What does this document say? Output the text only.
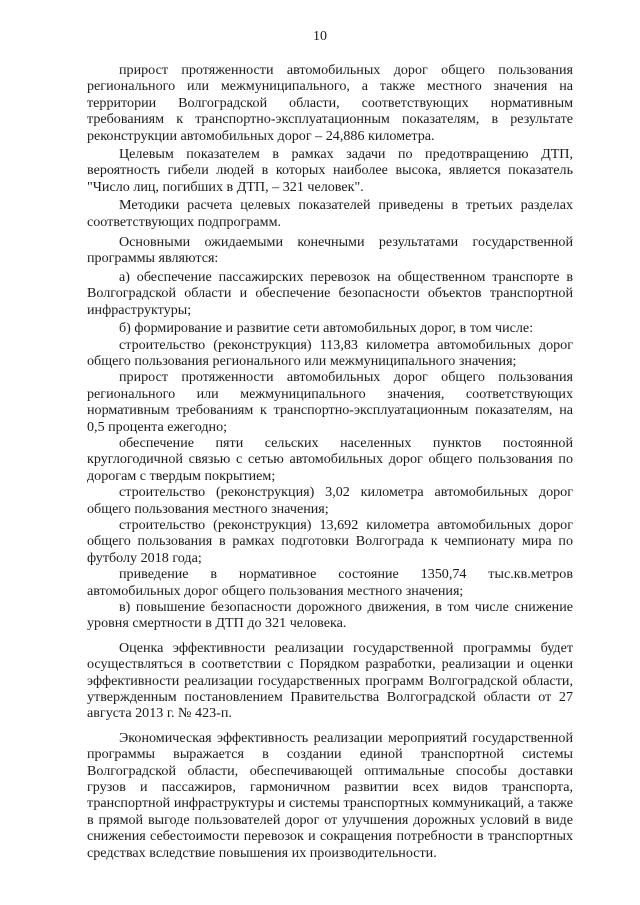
10

прирост протяженности автомобильных дорог общего пользования регионального или межмуниципального, а также местного значения на территории Волгоградской области, соответствующих нормативным требованиям к транспортно-эксплуатационным показателям, в результате реконструкции автомобильных дорог – 24,886 километра.

Целевым показателем в рамках задачи по предотвращению ДТП, вероятность гибели людей в которых наиболее высока, является показатель "Число лиц, погибших в ДТП, – 321 человек".

Методики расчета целевых показателей приведены в третьих разделах соответствующих подпрограмм.

Основными ожидаемыми конечными результатами государственной программы являются:

а) обеспечение пассажирских перевозок на общественном транспорте в Волгоградской области и обеспечение безопасности объектов транспортной инфраструктуры;

б) формирование и развитие сети автомобильных дорог, в том числе:

строительство (реконструкция) 113,83 километра автомобильных дорог общего пользования регионального или межмуниципального значения;

прирост протяженности автомобильных дорог общего пользования регионального или межмуниципального значения, соответствующих нормативным требованиям к транспортно-эксплуатационным показателям, на 0,5 процента ежегодно;

обеспечение пяти сельских населенных пунктов постоянной круглогодичной связью с сетью автомобильных дорог общего пользования по дорогам с твердым покрытием;

строительство (реконструкция) 3,02 километра автомобильных дорог общего пользования местного значения;

строительство (реконструкция) 13,692 километра автомобильных дорог общего пользования в рамках подготовки Волгограда к чемпионату мира по футболу 2018 года;

приведение в нормативное состояние 1350,74 тыс.кв.метров автомобильных дорог общего пользования местного значения;

в) повышение безопасности дорожного движения, в том числе снижение уровня смертности в ДТП до 321 человека.

Оценка эффективности реализации государственной программы будет осуществляться в соответствии с Порядком разработки, реализации и оценки эффективности реализации государственных программ Волгоградской области, утвержденным постановлением Правительства Волгоградской области от 27 августа 2013 г. № 423-п.

Экономическая эффективность реализации мероприятий государственной программы выражается в создании единой транспортной системы Волгоградской области, обеспечивающей оптимальные способы доставки грузов и пассажиров, гармоничном развитии всех видов транспорта, транспортной инфраструктуры и системы транспортных коммуникаций, а также в прямой выгоде пользователей дорог от улучшения дорожных условий в виде снижения себестоимости перевозок и сокращения потребности в транспортных средствах вследствие повышения их производительности.
